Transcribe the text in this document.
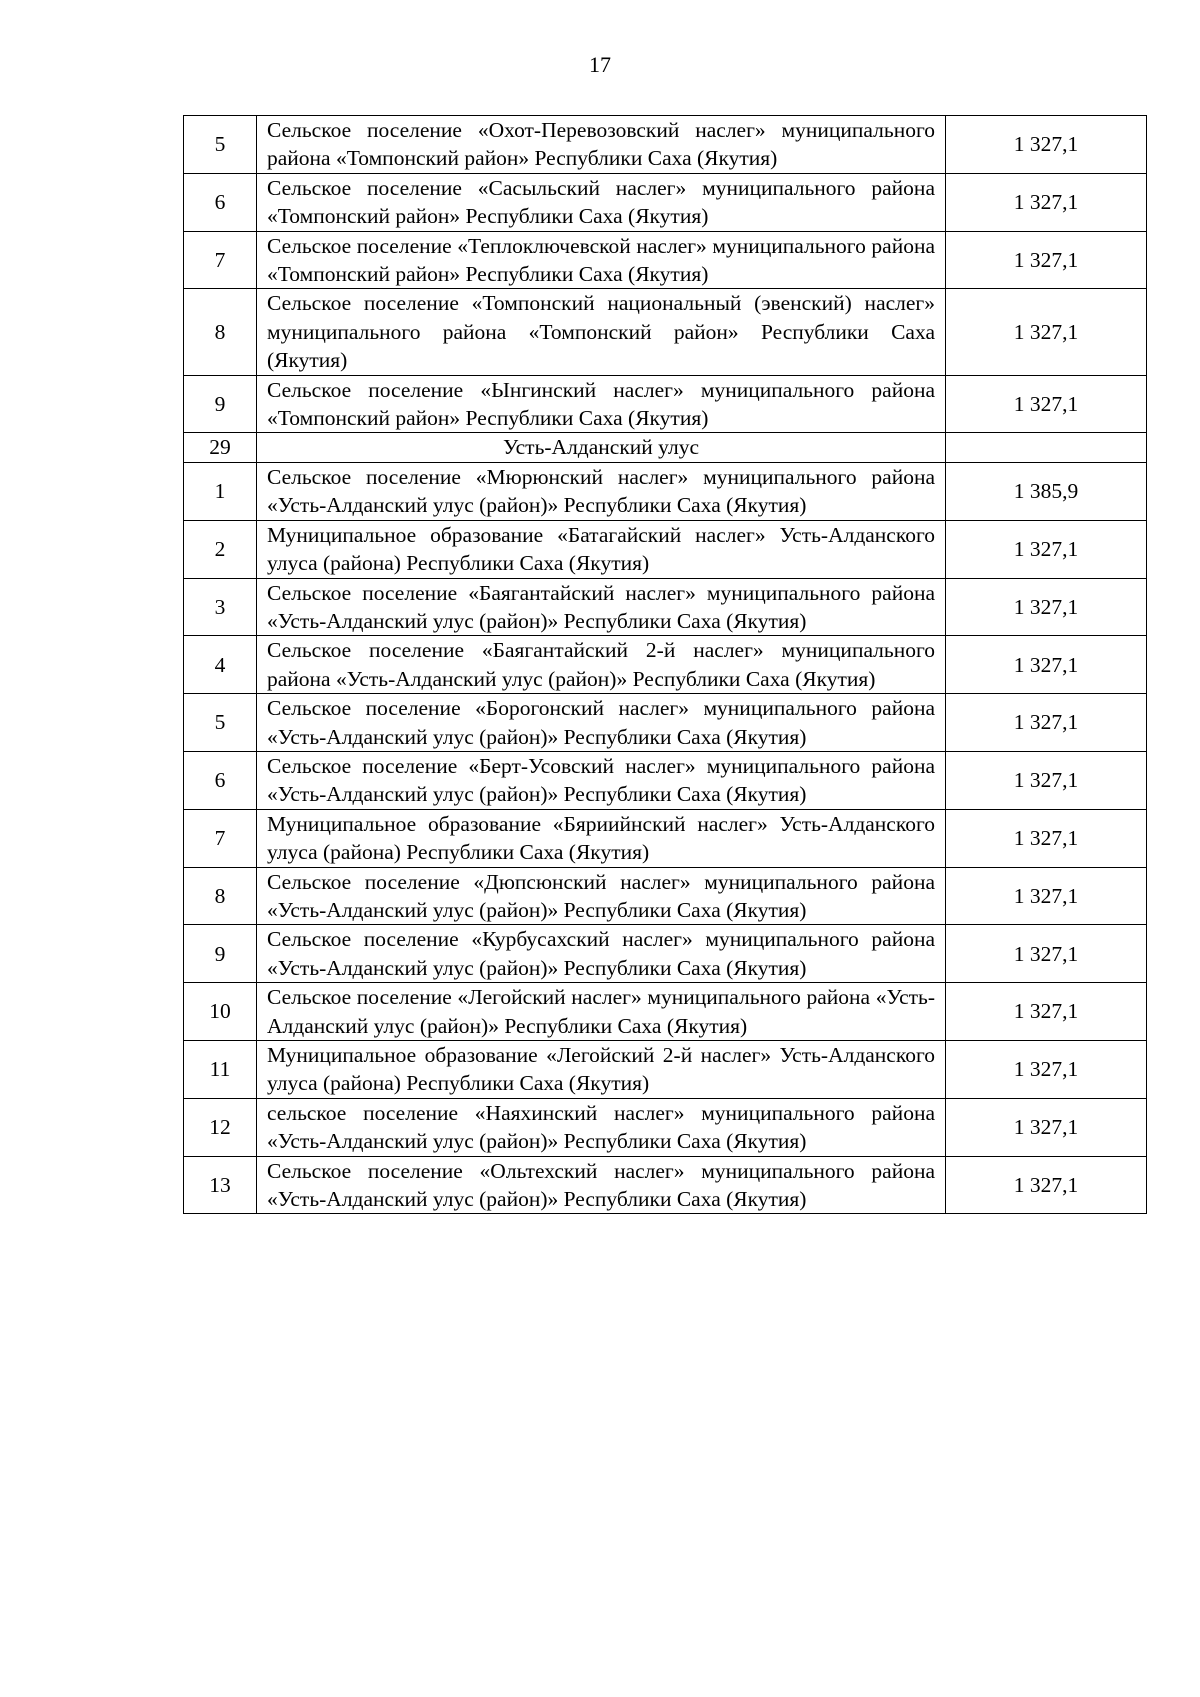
17
5	Сельское поселение «Охот-Перевозовский наслег» муниципального района «Томпонский район» Республики Саха (Якутия)	1 327,1
6	Сельское поселение «Сасыльский наслег» муниципального района «Томпонский район» Республики Саха (Якутия)	1 327,1
7	Сельское поселение «Теплоключевской наслег» муниципального района «Томпонский район» Республики Саха (Якутия)	1 327,1
8	Сельское поселение «Томпонский национальный (эвенский) наслег» муниципального района «Томпонский район» Республики Саха (Якутия)	1 327,1
9	Сельское поселение «Ынгинский наслег» муниципального района «Томпонский район» Республики Саха (Якутия)	1 327,1
29	Усть-Алданский улус	
1	Сельское поселение «Мюрюнский наслег» муниципального района «Усть-Алданский улус (район)» Республики Саха (Якутия)	1 385,9
2	Муниципальное образование «Батагайский наслег» Усть-Алданского улуса (района) Республики Саха (Якутия)	1 327,1
3	Сельское поселение «Баягантайский наслег» муниципального района «Усть-Алданский улус (район)» Республики Саха (Якутия)	1 327,1
4	Сельское поселение «Баягантайский 2-й наслег» муниципального района «Усть-Алданский улус (район)» Республики Саха (Якутия)	1 327,1
5	Сельское поселение «Борогонский наслег» муниципального района «Усть-Алданский улус (район)» Республики Саха (Якутия)	1 327,1
6	Сельское поселение «Берт-Усовский наслег» муниципального района «Усть-Алданский улус (район)» Республики Саха (Якутия)	1 327,1
7	Муниципальное образование «Бяриийнский наслег» Усть-Алданского улуса (района) Республики Саха (Якутия)	1 327,1
8	Сельское поселение «Дюпсюнский наслег» муниципального района «Усть-Алданский улус (район)» Республики Саха (Якутия)	1 327,1
9	Сельское поселение «Курбусахский наслег» муниципального района «Усть-Алданский улус (район)» Республики Саха (Якутия)	1 327,1
10	Сельское поселение «Легойский наслег» муниципального района «Усть-Алданский улус (район)» Республики Саха (Якутия)	1 327,1
11	Муниципальное образование «Легойский 2-й наслег» Усть-Алданского улуса (района) Республики Саха (Якутия)	1 327,1
12	сельское поселение «Наяхинский наслег» муниципального района «Усть-Алданский улус (район)» Республики Саха (Якутия)	1 327,1
13	Сельское поселение «Ольтехский наслег» муниципального района «Усть-Алданский улус (район)» Республики Саха (Якутия)	1 327,1
